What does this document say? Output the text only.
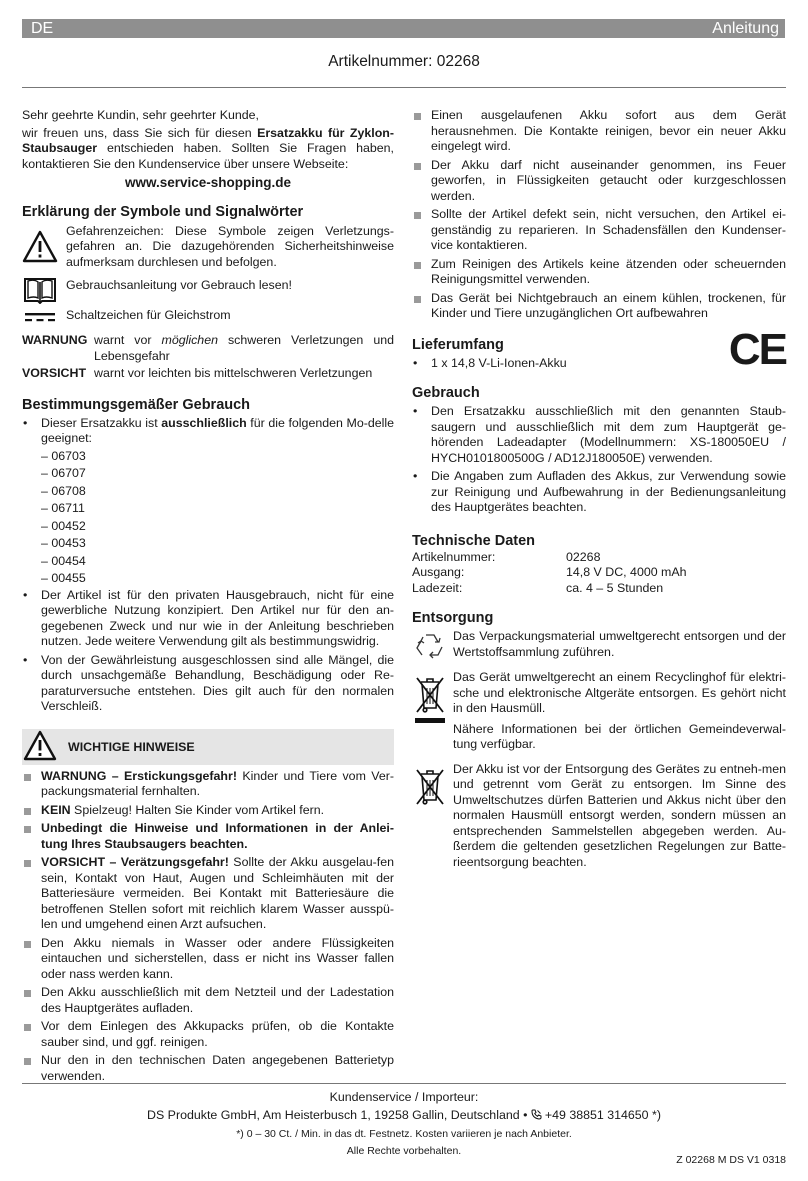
DE	Anleitung
Artikelnummer: 02268

Sehr geehrte Kundin, sehr geehrter Kunde,

wir freuen uns, dass Sie sich für diesen Ersatzakku für Zyklon-Staubsauger entschieden haben. Sollten Sie Fragen haben, kontaktieren Sie den Kundenservice über unsere Webseite:

www.service-shopping.de

Erklärung der Symbole und Signalwörter

Gefahrenzeichen: Diese Symbole zeigen Verletzungs-gefahren an. Die dazugehörenden Sicherheitshinweise aufmerksam durchlesen und befolgen.

Gebrauchsanleitung vor Gebrauch lesen!

Schaltzeichen für Gleichstrom

WARNUNG warnt vor möglichen schweren Verletzungen und Lebensgefahr
VORSICHT warnt vor leichten bis mittelschweren Verletzungen
Bestimmungsgemäßer Gebrauch

• Dieser Ersatzakku ist ausschließlich für die folgenden Mo-delle geeignet:

– 06703

– 06707

– 06708

– 06711

– 00452

– 00453

– 00454

– 00455

• Der Artikel ist für den privaten Hausgebrauch, nicht für eine gewerbliche Nutzung konzipiert. Den Artikel nur für den an-gegebenen Zweck und nur wie in der Anleitung beschrieben nutzen. Jede weitere Verwendung gilt als bestimmungswidrig.

• Von der Gewährleistung ausgeschlossen sind alle Mängel, die durch unsachgemäße Behandlung, Beschädigung oder Re-paraturversuche entstehen. Dies gilt auch für den normalen Verschleiß.

WICHTIGE HINWEISE

WARNUNG – Erstickungsgefahr! Kinder und Tiere vom Ver-packungsmaterial fernhalten.

KEIN Spielzeug! Halten Sie Kinder vom Artikel fern.

Unbedingt die Hinweise und Informationen in der Anlei-tung Ihres Staubsaugers beachten.

VORSICHT – Verätzungsgefahr! Sollte der Akku ausgelau-fen sein, Kontakt von Haut, Augen und Schleimhäuten mit der Batteriesäure vermeiden. Bei Kontakt mit Batteriesäure die betroffenen Stellen sofort mit reichlich klarem Wasser ausspü-len und umgehend einen Arzt aufsuchen.

Den Akku niemals in Wasser oder andere Flüssigkeiten eintauchen und sicherstellen, dass er nicht ins Wasser fallen oder nass werden kann.

Den Akku ausschließlich mit dem Netzteil und der Ladestation des Hauptgerätes aufladen.

Vor dem Einlegen des Akkupacks prüfen, ob die Kontakte sauber sind, und ggf. reinigen.

Nur den in den technischen Daten angegebenen Batterietyp verwenden.

Einen ausgelaufenen Akku sofort aus dem Gerät herausnehmen. Die Kontakte reinigen, bevor ein neuer Akku eingelegt wird.

Der Akku darf nicht auseinander genommen, ins Feuer geworfen, in Flüssigkeiten getaucht oder kurzgeschlossen werden.

Sollte der Artikel defekt sein, nicht versuchen, den Artikel ei-genständig zu reparieren. In Schadensfällen den Kundenser-vice kontaktieren.

Zum Reinigen des Artikels keine ätzenden oder scheuernden Reinigungsmittel verwenden.

Das Gerät bei Nichtgebrauch an einem kühlen, trockenen, für Kinder und Tiere unzugänglichen Ort aufbewahren

Lieferumfang

• 1 x 14,8 V-Li-Ionen-Akku	CE
Gebrauch

• Den Ersatzakku ausschließlich mit den genannten Staub-saugern und ausschließlich mit dem zum Hauptgerät ge-hörenden Ladeadapter (Modellnummern: XS-180050EU / HYCH0101800500G / AD12J180050E) verwenden.

• Die Angaben zum Aufladen des Akkus, zur Verwendung sowie zur Reinigung und Aufbewahrung in der Bedienungsanleitung des Hauptgerätes beachten.

Technische Daten
Artikelnummer:	02268
Ausgang:	14,8 V DC, 4000 mAh
Ladezeit:	ca. 4 – 5 Stunden
Entsorgung

Das Verpackungsmaterial umweltgerecht entsorgen und der Wertstoffsammlung zuführen.

Das Gerät umweltgerecht an einem Recyclinghof für elektri-sche und elektronische Altgeräte entsorgen. Es gehört nicht in den Hausmüll.

Nähere Informationen bei der örtlichen Gemeindeverwal-tung verfügbar.

Der Akku ist vor der Entsorgung des Gerätes zu entneh-men und getrennt vom Gerät zu entsorgen. Im Sinne des Umweltschutzes dürfen Batterien und Akkus nicht über den normalen Hausmüll entsorgt werden, sondern müssen an entsprechenden Sammelstellen abgegeben werden. Au-ßerdem die geltenden gesetzlichen Regelungen zur Batte-rieentsorgung beachten.

Kundenservice / Importeur:
DS Produkte GmbH, Am Heisterbusch 1, 19258 Gallin, Deutschland • +49 38851 314650 *)
*) 0 – 30 Ct. / Min. in das dt. Festnetz. Kosten variieren je nach Anbieter.
Alle Rechte vorbehalten.
Z 02268 M DS V1 0318
